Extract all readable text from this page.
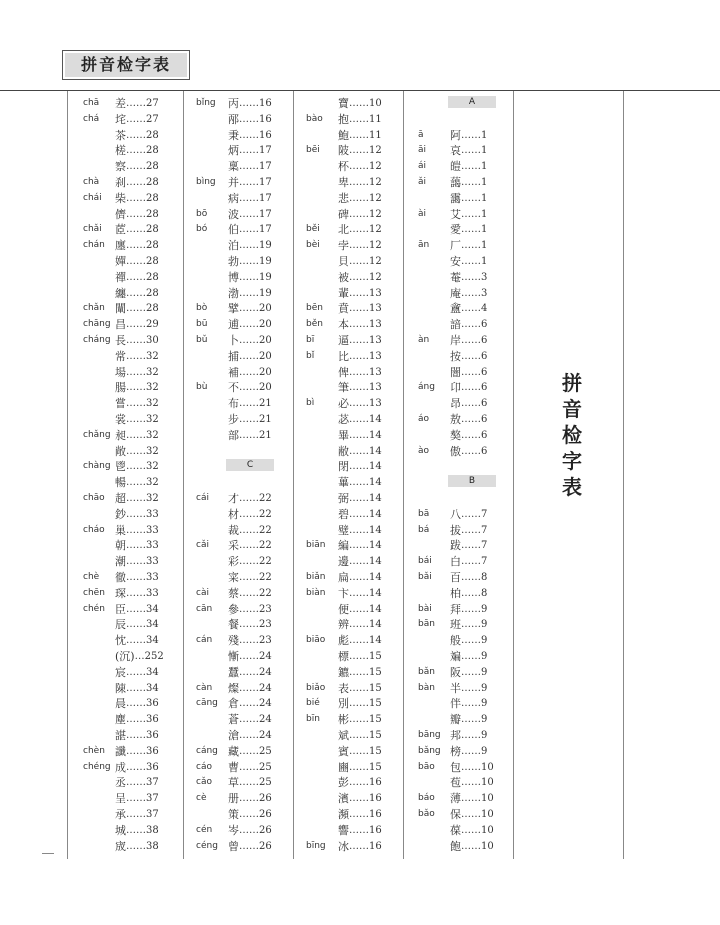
拼音检字表
chā 差 ……27
chá 垞 ……27
茶 ……28
槎 ……28
察 ……28
chà 刹 ……28
chái 柴 ……28
儕 ……28
chǎi 茝 ……28
chán 廛 ……28
嬋 ……28
禪 ……28
纏 ……28
chǎn 闡 ……28
chāng 昌 ……29
cháng 長 ……30
常 ……32
場 ……32
腸 ……32
嘗 ……32
裳 ……32
chǎng 昶 ……32
敞 ……32
chàng 鬯 ……32
暢 ……32
chāo 超 ……32
鈔 ……33
cháo 巢 ……33
朝 ……33
潮 ……33
chè 徹 ……33
chēn 琛 ……33
chén 臣 ……34
辰 ……34
忱 ……34
(沉) …252
宸 ……34
陳 ……34
晨 ……36
塵 ……36
諶 ……36
chèn 讖 ……36
chéng 成 ……36
丞 ……37
呈 ……37
承 ……37
城 ……38
宬 ……38
bǐng 丙 ……16
邴 ……16
秉 ……16
炳 ……17
稟 ……17
bìng 并 ……17
病 ……17
bō 波 ……17
bó 伯 ……17
泊 ……19
勃 ……19
博 ……19
渤 ……19
bò 擘 ……20
bū 逋 ……20
bǔ 卜 ……20
捕 ……20
補 ……20
bù 不 ……20
布 ……21
步 ……21
部 ……21
C
cái 才 ……22
材 ……22
裁 ……22
cǎi 采 ……22
彩 ……22
寀 ……22
cài 蔡 ……22
cān 參 ……23
餐 ……23
cán 殘 ……23
慚 ……24
蠶 ……24
càn 燦 ……24
cāng 倉 ……24
蒼 ……24
滄 ……24
cáng 藏 ……25
cáo 曹 ……25
cǎo 草 ……25
cè 册 ……26
策 ……26
cén 岑 ……26
céng 曾 ……26
寶 ……10
bào 抱 ……11
鮑 ……11
bēi 陂 ……12
杯 ……12
卑 ……12
悲 ……12
碑 ……12
běi 北 ……12
bèi 孛 ……12
貝 ……12
被 ……12
輩 ……13
bēn 賁 ……13
běn 本 ……13
bī 逼 ……13
bǐ 比 ……13
俾 ……13
筆 ……13
bì 必 ……13
苾 ……14
畢 ……14
敝 ……14
閉 ……14
蓽 ……14
弼 ……14
碧 ……14
璧 ……14
biān 編 ……14
邊 ……14
biǎn 扁 ……14
biàn 卞 ……14
便 ……14
辨 ……14
biāo 彪 ……14
標 ……15
鑣 ……15
biǎo 表 ……15
bié 別 ……15
bīn 彬 ……15
斌 ……15
賓 ……15
豳 ……15
彭 ……16
濱 ……16
瀕 ……16
響 ……16
bīng 冰 ……16
A
ā 阿 ……1
āi 哀 ……1
ái 皚 ……1
ǎi 藹 ……1
靄 ……1
ài 艾 ……1
愛 ……1
ān 厂 ……1
安 ……1
菴 ……3
庵 ……3
盦 ……4
諳 ……6
àn 岸 ……6
按 ……6
闇 ……6
áng 卬 ……6
昂 ……6
áo 敖 ……6
獒 ……6
ào 傲 ……6
B
bā 八 ……7
bá 拔 ……7
跋 ……7
bái 白 ……7
bǎi 百 ……8
柏 ……8
bài 拜 ……9
bān 班 ……9
般 ……9
斒 ……9
bǎn 阪 ……9
bàn 半 ……9
伴 ……9
瓣 ……9
bāng 邦 ……9
bǎng 榜 ……9
bāo 包 ……10
苞 ……10
báo 薄 ……10
bǎo 保 ……10
葆 ……10
飽 ……10
拼
音
检
字
表
